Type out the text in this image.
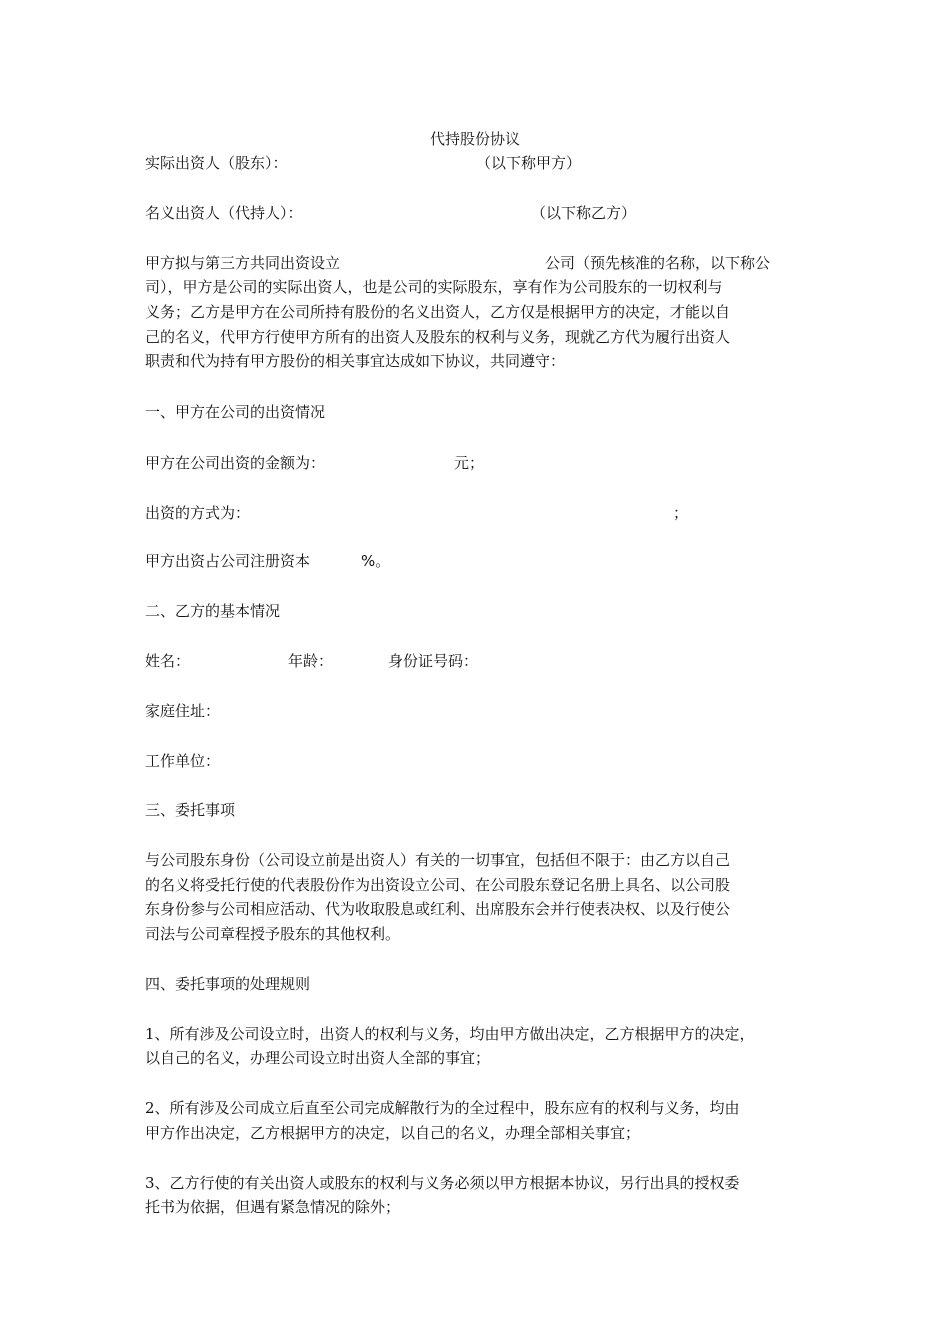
代持股份协议
实际出资人（股东）：	（以下称甲方）
名义出资人（代持人）：	（以下称乙方）
甲方拟与第三方共同出资设立	公司（预先核准的名称，以下称公
司），甲方是公司的实际出资人，也是公司的实际股东，享有作为公司股东的一切权利与
义务；乙方是甲方在公司所持有股份的名义出资人，乙方仅是根据甲方的决定，才能以自
己的名义，代甲方行使甲方所有的出资人及股东的权利与义务，现就乙方代为履行出资人
职责和代为持有甲方股份的相关事宜达成如下协议，共同遵守：
一、甲方在公司的出资情况
甲方在公司出资的金额为：	元；
出资的方式为：	；
甲方出资占公司注册资本	%。
二、乙方的基本情况
姓名：	年龄：	身份证号码：
家庭住址：
工作单位：
三、委托事项
与公司股东身份（公司设立前是出资人）有关的一切事宜，包括但不限于：由乙方以自己
的名义将受托行使的代表股份作为出资设立公司、在公司股东登记名册上具名、以公司股
东身份参与公司相应活动、代为收取股息或红利、出席股东会并行使表决权、以及行使公
司法与公司章程授予股东的其他权利。
四、委托事项的处理规则
1、所有涉及公司设立时，出资人的权利与义务，均由甲方做出决定，乙方根据甲方的决定，
以自己的名义，办理公司设立时出资人全部的事宜；
2、所有涉及公司成立后直至公司完成解散行为的全过程中，股东应有的权利与义务，均由
甲方作出决定，乙方根据甲方的决定，以自己的名义，办理全部相关事宜；
3、乙方行使的有关出资人或股东的权利与义务必须以甲方根据本协议，另行出具的授权委
托书为依据，但遇有紧急情况的除外；
